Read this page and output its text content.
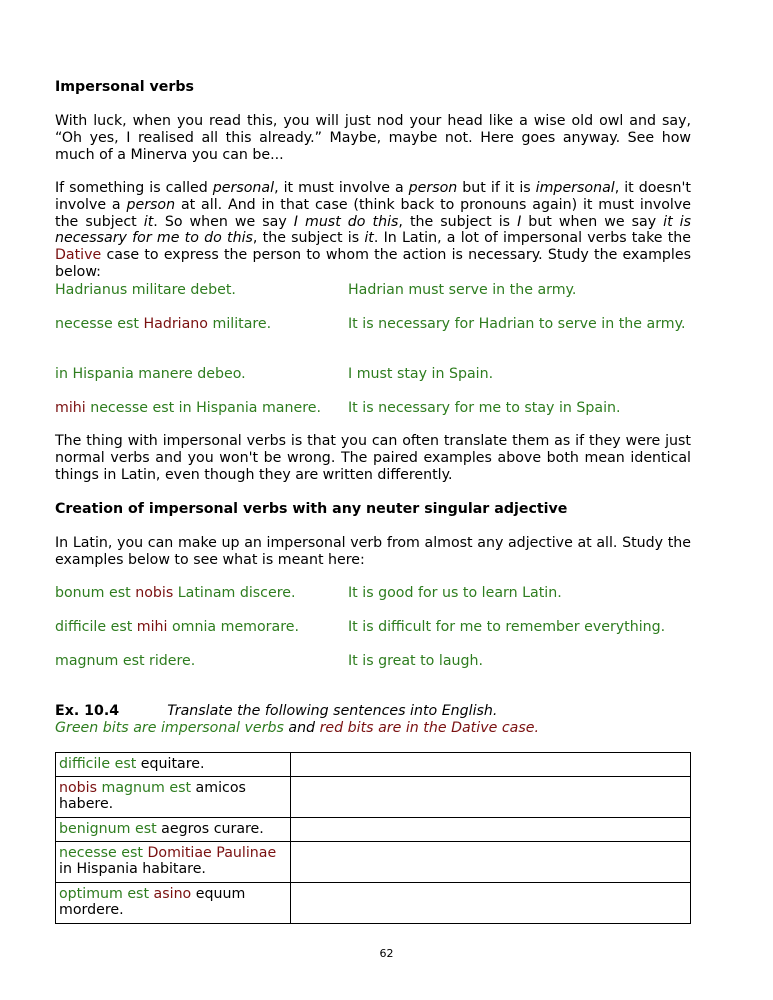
Impersonal verbs
With luck, when you read this, you will just nod your head like a wise old owl and say, “Oh yes, I realised all this already.” Maybe, maybe not. Here goes anyway. See how much of a Minerva you can be...
If something is called personal, it must involve a person but if it is impersonal, it doesn't involve a person at all. And in that case (think back to pronouns again) it must involve the subject it. So when we say I must do this, the subject is I but when we say it is necessary for me to do this, the subject is it. In Latin, a lot of impersonal verbs take the Dative case to express the person to whom the action is necessary. Study the examples below:
Hadrianus militare debet.	Hadrian must serve in the army.
necesse est Hadriano militare.	It is necessary for Hadrian to serve in the army.
in Hispania manere debeo.	I must stay in Spain.
mihi necesse est in Hispania manere. It is necessary for me to stay in Spain.
The thing with impersonal verbs is that you can often translate them as if they were just normal verbs and you won't be wrong. The paired examples above both mean identical things in Latin, even though they are written differently.
Creation of impersonal verbs with any neuter singular adjective
In Latin, you can make up an impersonal verb from almost any adjective at all. Study the examples below to see what is meant here:
bonum est nobis Latinam discere.	It is good for us to learn Latin.
difficile est mihi omnia memorare.	It is difficult for me to remember everything.
magnum est ridere.	It is great to laugh.
Ex. 10.4	Translate the following sentences into English.
Green bits are impersonal verbs and red bits are in the Dative case.
difficile est equitare.	
nobis magnum est amicos habere.	
benignum est aegros curare.	
necesse est Domitiae Paulinae in Hispania habitare.	
optimum est asino equum mordere.	
62
